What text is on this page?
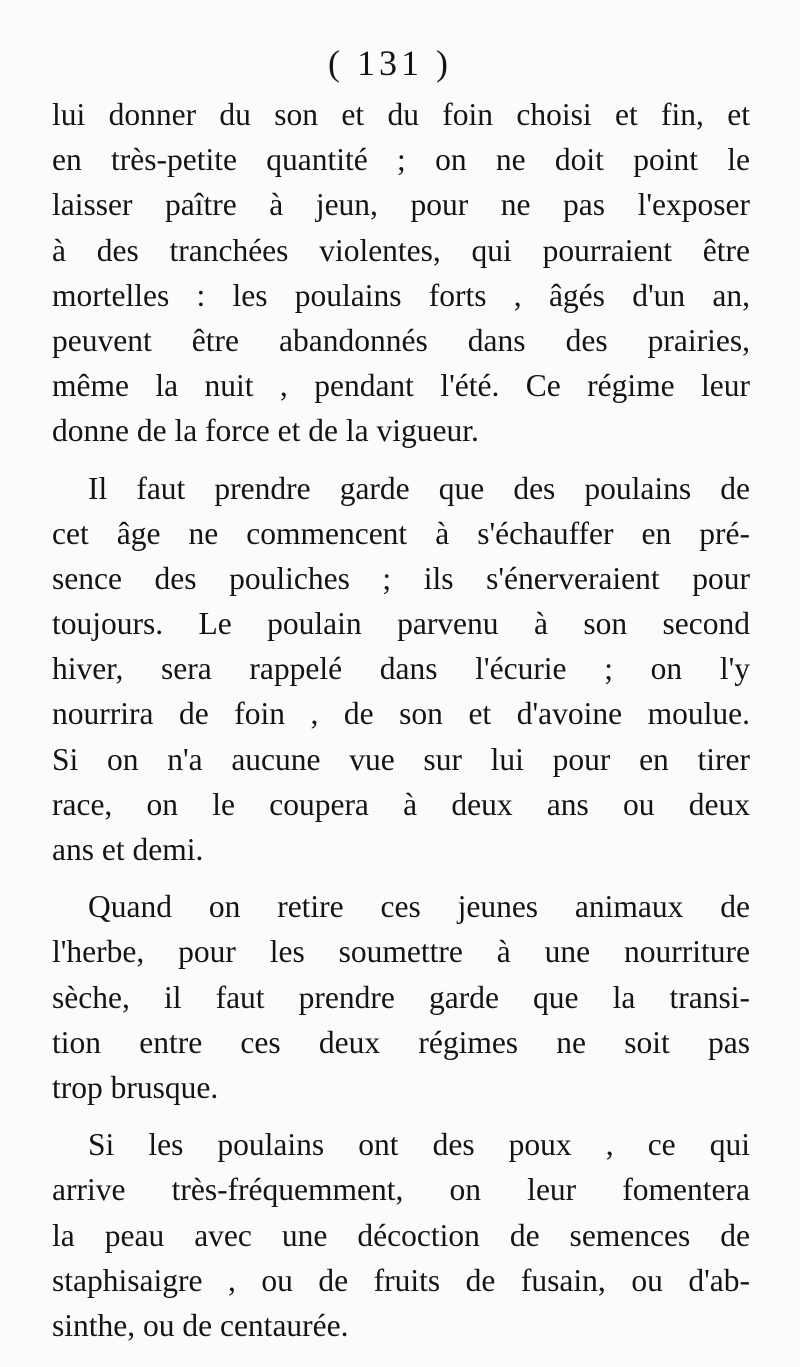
( 131 )
lui donner du son et du foin choisi et fin, et
en très-petite quantité ; on ne doit point le
laisser paître à jeun, pour ne pas l'exposer
à des tranchées violentes, qui pourraient être
mortelles : les poulains forts , âgés d'un an,
peuvent être abandonnés dans des prairies,
même la nuit , pendant l'été. Ce régime leur
donne de la force et de la vigueur.
Il faut prendre garde que des poulains de
cet âge ne commencent à s'échauffer en pré-
sence des pouliches ; ils s'énerveraient pour
toujours. Le poulain parvenu à son second
hiver, sera rappelé dans l'écurie ; on l'y
nourrira de foin , de son et d'avoine moulue.
Si on n'a aucune vue sur lui pour en tirer
race, on le coupera à deux ans ou deux
ans et demi.
Quand on retire ces jeunes animaux de
l'herbe, pour les soumettre à une nourriture
sèche, il faut prendre garde que la transi-
tion entre ces deux régimes ne soit pas
trop brusque.
Si les poulains ont des poux , ce qui
arrive très-fréquemment, on leur fomentera
la peau avec une décoction de semences de
staphisaigre , ou de fruits de fusain, ou d'ab-
sinthe, ou de centaurée.
